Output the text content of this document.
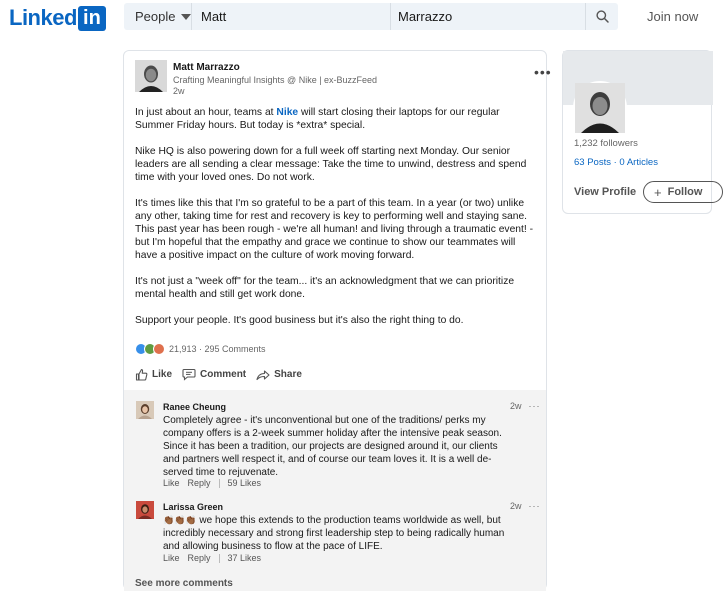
Linked in	People	Matt	Marrazzo	Join now
Matt Marrazzo
Crafting Meaningful Insights @ Nike | ex-BuzzFeed
2w
•••

In just about an hour, teams at Nike will start closing their laptops for our regular Summer Friday hours. But today is *extra* special.

Nike HQ is also powering down for a full week off starting next Monday. Our senior leaders are all sending a clear message: Take the time to unwind, destress and spend time with your loved ones. Do not work.

It's times like this that I'm so grateful to be a part of this team. In a year (or two) unlike any other, taking time for rest and recovery is key to performing well and staying sane. This past year has been rough - we're all human! and living through a traumatic event! - but I'm hopeful that the empathy and grace we continue to show our teammates will have a positive impact on the culture of work moving forward.

It's not just a "week off" for the team... it's an acknowledgment that we can prioritize mental health and still get work done.

Support your people. It's good business but it's also the right thing to do.

21,913 · 295 Comments
Like	Comment	Share
Ranee Cheung	2w ···
Completely agree - it's unconventional but one of the traditions/ perks my company offers is a 2-week summer holiday after the intensive peak season. Since it has been a tradition, our projects are designed around it, our clients and partners well respect it, and of course our team loves it. It is a well de-served time to rejuvenate.
Like Reply 59 Likes
Larissa Green	2w ···
👏🏾👏🏾👏🏾 we hope this extends to the production teams worldwide as well, but incredibly necessary and strong first leadership step to being radically human and allowing business to flow at the pace of LIFE.
Like Reply 37 Likes
See more comments
1,232 followers
63 Posts · 0 Articles
View Profile + Follow
